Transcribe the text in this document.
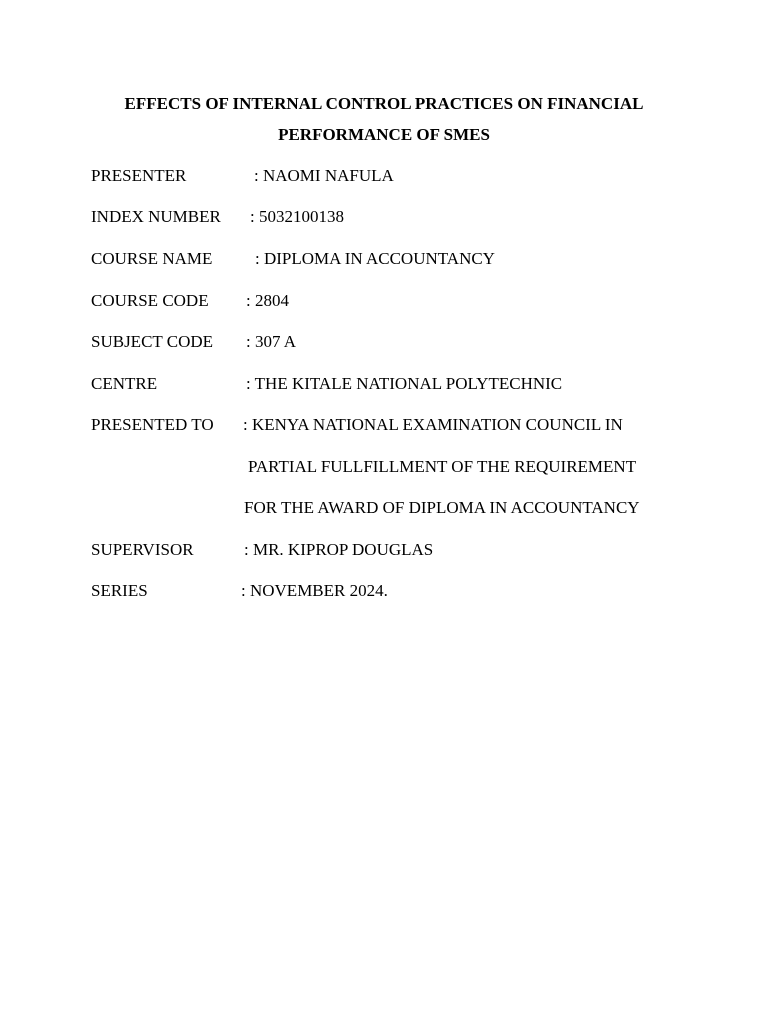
EFFECTS OF INTERNAL CONTROL PRACTICES ON FINANCIAL
PERFORMANCE OF SMES
PRESENTER	: NAOMI NAFULA
INDEX NUMBER : 5032100138
COURSE NAME	: DIPLOMA IN ACCOUNTANCY
COURSE CODE : 2804
SUBJECT CODE : 307 A
CENTRE	: THE KITALE NATIONAL POLYTECHNIC
PRESENTED TO : KENYA NATIONAL EXAMINATION COUNCIL IN
PARTIAL FULLFILLMENT OF THE REQUIREMENT
FOR THE AWARD OF DIPLOMA IN ACCOUNTANCY
SUPERVISOR	: MR. KIPROP DOUGLAS
SERIES	: NOVEMBER 2024.
